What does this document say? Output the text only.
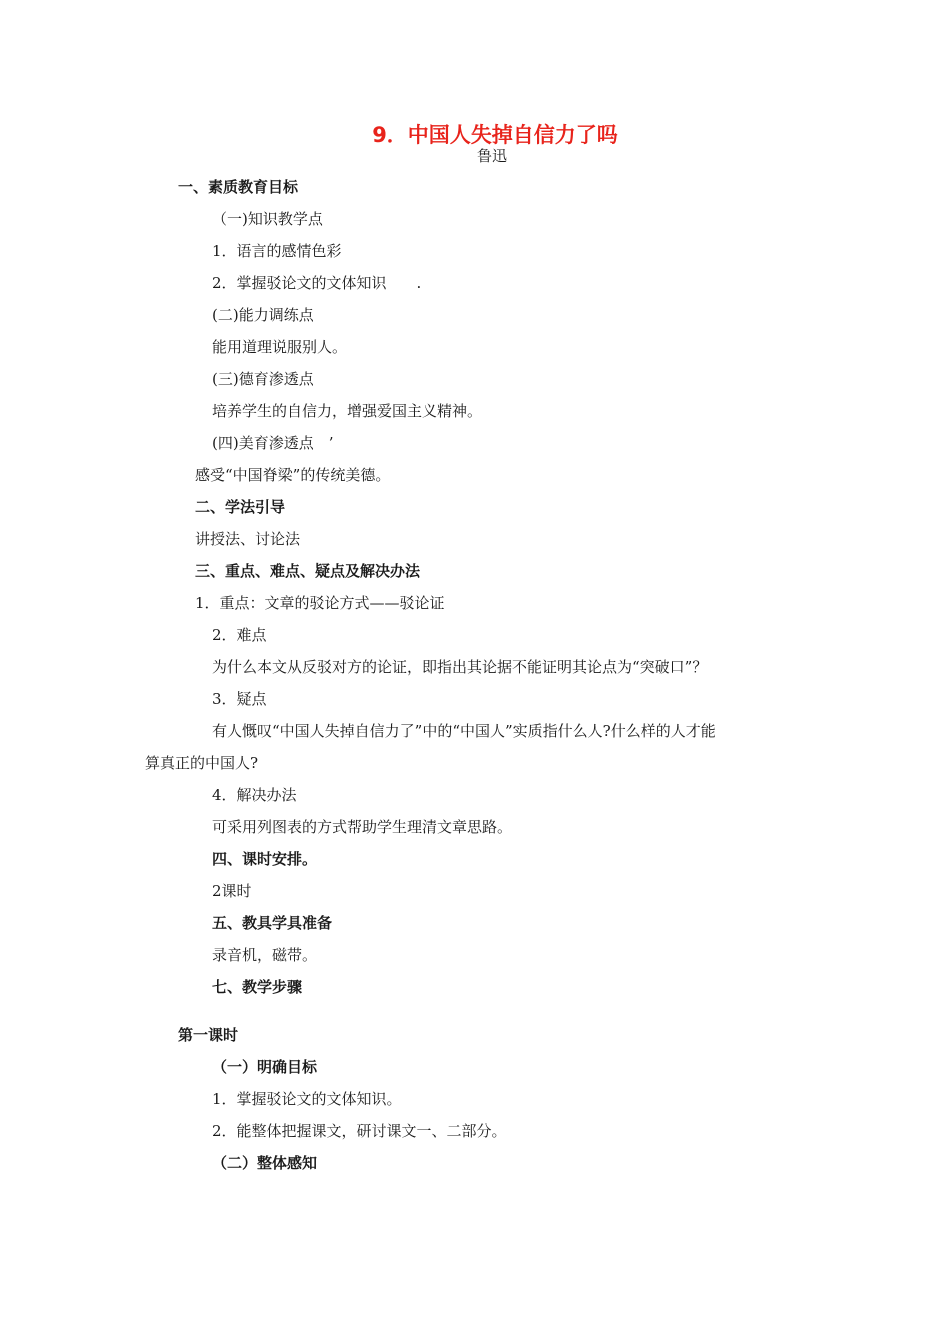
9．中国人失掉自信力了吗
鲁迅
一、素质教育目标
（一)知识教学点
1．语言的感情色彩
2．掌握驳论文的文体知识　　.
(二)能力调练点
能用道理说服别人。
(三)德育渗透点
培养学生的自信力，增强爱国主义精神。
(四)美育渗透点　’
感受“中国脊梁”的传统美德。
二、学法引导
讲授法、讨论法
三、重点、难点、疑点及解决办法
1．重点：文章的驳论方式——驳论证
2．难点
为什么本文从反驳对方的论证，即指出其论据不能证明其论点为“突破口”？
3．疑点
有人慨叹“中国人失掉自信力了”中的“中国人”实质指什么人?什么样的人才能
算真正的中国人?
4．解决办法
可采用列图表的方式帮助学生理清文章思路。
四、课时安排。
2课时
五、教具学具准备
录音机，磁带。
七、教学步骤
第一课时
（一）明确目标
1．掌握驳论文的文体知识。
2．能整体把握课文，研讨课文一、二部分。
（二）整体感知
